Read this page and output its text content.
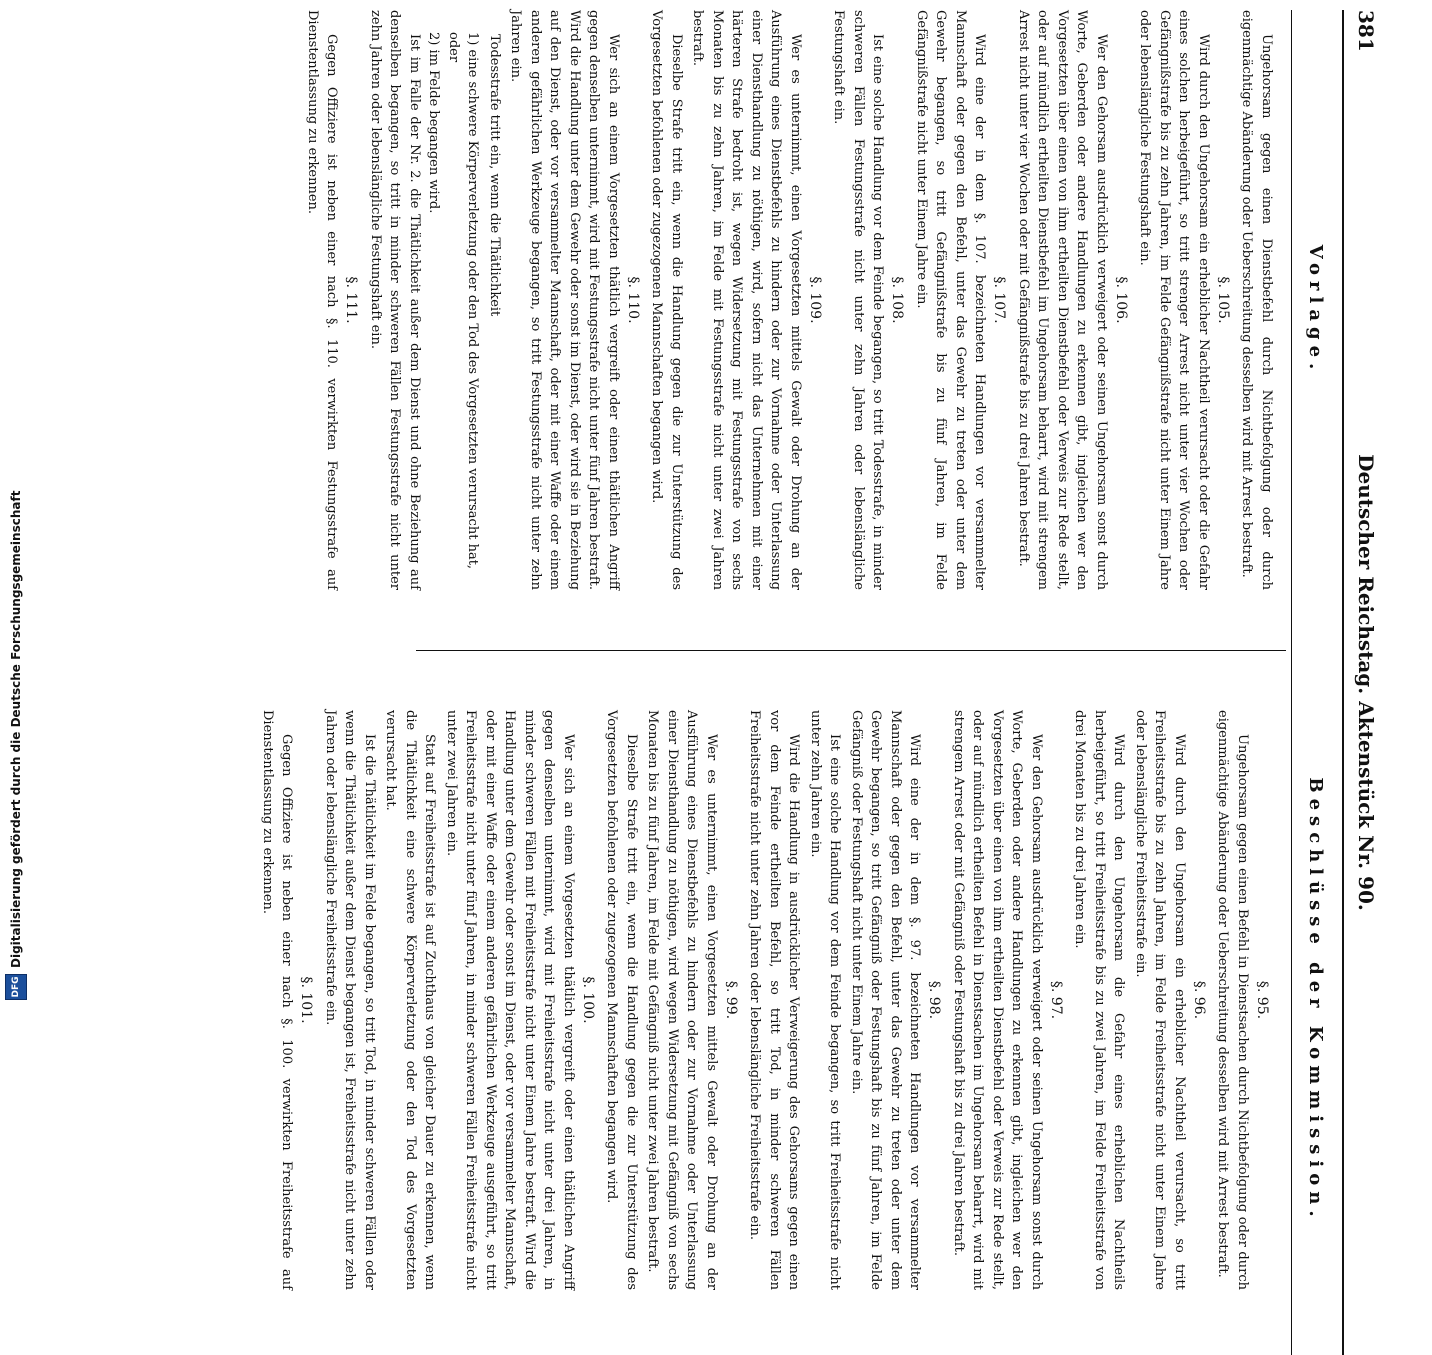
381
Deutscher Reichstag. Aktenstück Nr. 90.
Vorlage.
Beschlüsse der Kommission.

Ungehorsam gegen einen Dienstbefehl durch Nichtbefolgung oder durch eigenmächtige Abänderung oder Ueberschreitung desselben wird mit Arrest bestraft.

§. 105.

Wird durch den Ungehorsam ein erheblicher Nachtheil verursacht oder die Gefahr eines solchen herbeigeführt, so tritt strenger Arrest nicht unter vier Wochen oder Gefängnißstrafe bis zu zehn Jahren, im Felde Gefängnißstrafe nicht unter Einem Jahre oder lebenslängliche Festungshaft ein.

§. 106.

Wer den Gehorsam ausdrücklich verweigert oder seinen Ungehorsam sonst durch Worte, Geberden oder andere Handlungen zu erkennen gibt, ingleichen wer den Vorgesetzten über einen von ihm ertheilten Dienstbefehl oder Verweis zur Rede stellt, oder auf mündlich ertheilten Dienstbefehl im Ungehorsam beharrt, wird mit strengem Arrest nicht unter vier Wochen oder mit Gefängnißstrafe bis zu drei Jahren bestraft.

§. 107.

Wird eine der in dem §. 107. bezeichneten Handlungen vor versammelter Mannschaft oder gegen den Befehl, unter das Gewehr zu treten oder unter dem Gewehr begangen, so tritt Gefängnißstrafe bis zu fünf Jahren, im Felde Gefängnißstrafe nicht unter Einem Jahre ein.

§. 108.

Ist eine solche Handlung vor dem Feinde begangen, so tritt Todesstrafe, in minder schweren Fällen Festungsstrafe nicht unter zehn Jahren oder lebenslängliche Festungshaft ein.

§. 109.

Wer es unternimmt, einen Vorgesetzten mittels Gewalt oder Drohung an der Ausführung eines Dienstbefehls zu hindern oder zur Vornahme oder Unterlassung einer Diensthandlung zu nöthigen, wird, sofern nicht das Unternehmen mit einer härteren Strafe bedroht ist, wegen Widersetzung mit Festungsstrafe von sechs Monaten bis zu zehn Jahren, im Felde mit Festungsstrafe nicht unter zwei Jahren bestraft.

Dieselbe Strafe tritt ein, wenn die Handlung gegen die zur Unterstützung des Vorgesetzten befohlenen oder zugezogenen Mannschaften begangen wird.

§. 110.

Wer sich an einem Vorgesetzten thätlich vergreift oder einen thätlichen Angriff gegen denselben unternimmt, wird mit Festungsstrafe nicht unter fünf Jahren bestraft. Wird die Handlung unter dem Gewehr oder sonst im Dienst, oder wird sie in Beziehung auf den Dienst, oder vor versammelter Mannschaft, oder mit einer Waffe oder einem anderen gefährlichen Werkzeuge begangen, so tritt Festungsstrafe nicht unter zehn Jahren ein.

Todesstrafe tritt ein, wenn die Thätlichkeit

1) eine schwere Körperverletzung oder den Tod des Vorgesetzten verursacht hat, oder

2) im Felde begangen wird.

Ist im Falle der Nr. 2. die Thätlichkeit außer dem Dienst und ohne Beziehung auf denselben begangen, so tritt in minder schweren Fällen Festungsstrafe nicht unter zehn Jahren oder lebenslängliche Festungshaft ein.

§. 111.

Gegen Offiziere ist neben einer nach §. 110. verwirkten Festungsstrafe auf Dienstentlassung zu erkennen.

§. 95.

Ungehorsam gegen einen Befehl in Dienstsachen durch Nichtbefolgung oder durch eigenmächtige Abänderung oder Ueberschreitung desselben wird mit Arrest bestraft.

§. 96.

Wird durch den Ungehorsam ein erheblicher Nachtheil verursacht, so tritt Freiheitsstrafe bis zu zehn Jahren, im Felde Freiheitsstrafe nicht unter Einem Jahre oder lebenslängliche Freiheitsstrafe ein.

Wird durch den Ungehorsam die Gefahr eines erheblichen Nachtheils herbeigeführt, so tritt Freiheitsstrafe bis zu zwei Jahren, im Felde Freiheitsstrafe von drei Monaten bis zu drei Jahren ein.

§. 97.

Wer den Gehorsam ausdrücklich verweigert oder seinen Ungehorsam sonst durch Worte, Geberden oder andere Handlungen zu erkennen gibt, ingleichen wer den Vorgesetzten über einen von ihm ertheilten Dienstbefehl oder Verweis zur Rede stellt, oder auf mündlich ertheilten Befehl in Dienstsachen im Ungehorsam beharrt, wird mit strengem Arrest oder mit Gefängniß oder Festungshaft bis zu drei Jahren bestraft.

§. 98.

Wird eine der in dem §. 97. bezeichneten Handlungen vor versammelter Mannschaft oder gegen den Befehl, unter das Gewehr zu treten oder unter dem Gewehr begangen, so tritt Gefängniß oder Festungshaft bis zu fünf Jahren, im Felde Gefängniß oder Festungshaft nicht unter Einem Jahre ein.

Ist eine solche Handlung vor dem Feinde begangen, so tritt Freiheitsstrafe nicht unter zehn Jahren ein.

Wird die Handlung in ausdrücklicher Verweigerung des Gehorsams gegen einen vor dem Feinde ertheilten Befehl, so tritt Tod, in minder schweren Fällen Freiheitsstrafe nicht unter zehn Jahren oder lebenslängliche Freiheitsstrafe ein.

§. 99.

Wer es unternimmt, einen Vorgesetzten mittels Gewalt oder Drohung an der Ausführung eines Dienstbefehls zu hindern oder zur Vornahme oder Unterlassung einer Diensthandlung zu nöthigen, wird wegen Widersetzung mit Gefängniß von sechs Monaten bis zu fünf Jahren, im Felde mit Gefängniß nicht unter zwei Jahren bestraft.

Dieselbe Strafe tritt ein, wenn die Handlung gegen die zur Unterstützung des Vorgesetzten befohlenen oder zugezogenen Mannschaften begangen wird.

§. 100.

Wer sich an einem Vorgesetzten thätlich vergreift oder einen thätlichen Angriff gegen denselben unternimmt, wird mit Freiheitsstrafe nicht unter drei Jahren, in minder schweren Fällen mit Freiheitsstrafe nicht unter Einem Jahre bestraft. Wird die Handlung unter dem Gewehr oder sonst im Dienst, oder vor versammelter Mannschaft, oder mit einer Waffe oder einem anderen gefährlichen Werkzeuge ausgeführt, so tritt Freiheitsstrafe nicht unter fünf Jahren, in minder schweren Fällen Freiheitsstrafe nicht unter zwei Jahren ein.

Statt auf Freiheitsstrafe ist auf Zuchthaus von gleicher Dauer zu erkennen, wenn die Thätlichkeit eine schwere Körperverletzung oder den Tod des Vorgesetzten verursacht hat.

Ist die Thätlichkeit im Felde begangen, so tritt Tod, in minder schweren Fällen oder wenn die Thätlichkeit außer dem Dienst begangen ist, Freiheitsstrafe nicht unter zehn Jahren oder lebenslängliche Freiheitsstrafe ein.

§. 101.

Gegen Offiziere ist neben einer nach §. 100. verwirkten Freiheitsstrafe auf Dienstentlassung zu erkennen.

DFG
Digitalisierung gefördert durch die Deutsche Forschungsgemeinschaft
